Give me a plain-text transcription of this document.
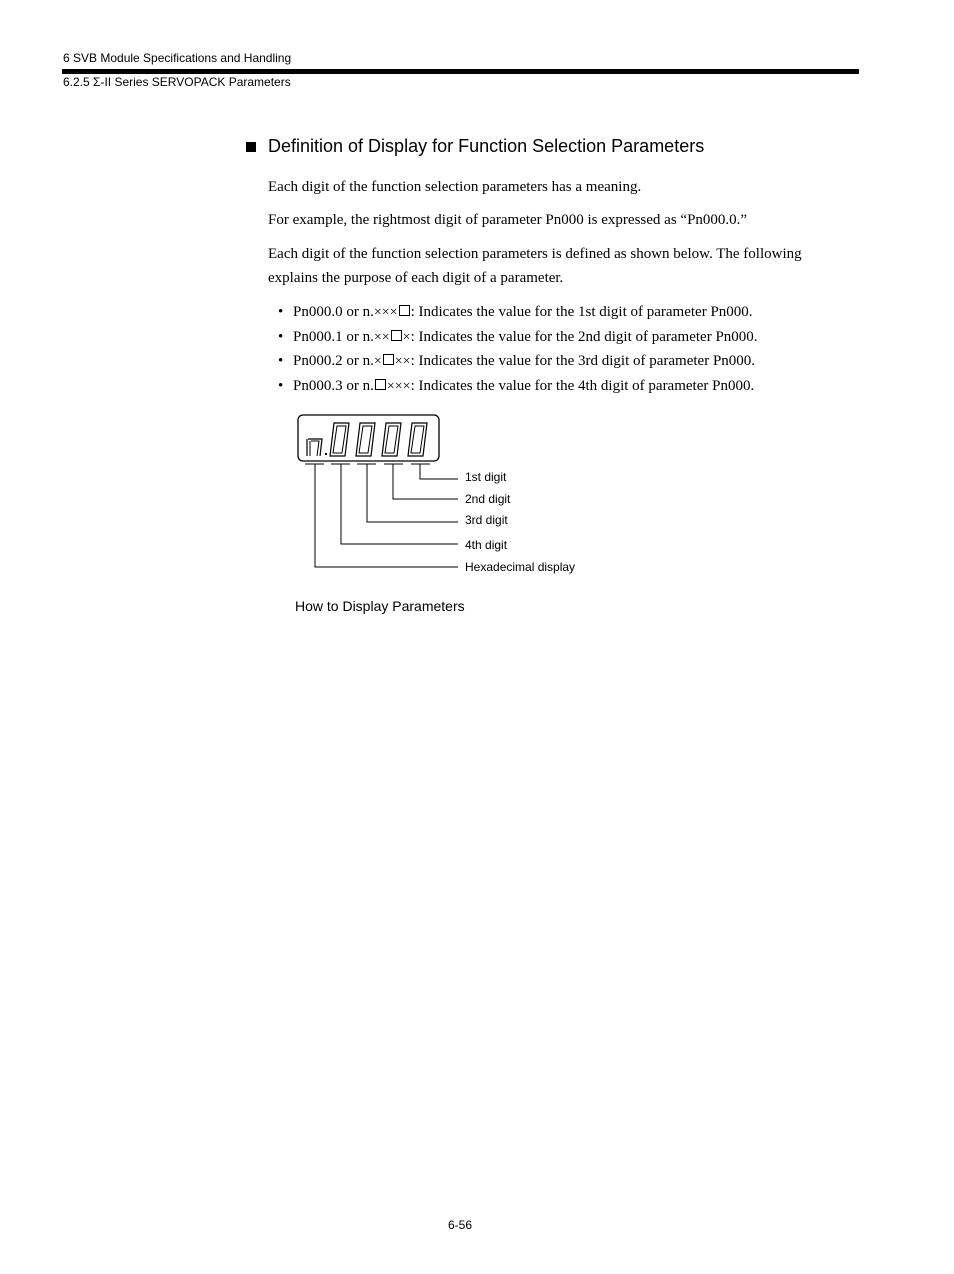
6 SVB Module Specifications and Handling
6.2.5 Σ-II Series SERVOPACK Parameters
Definition of Display for Function Selection Parameters
Each digit of the function selection parameters has a meaning.
For example, the rightmost digit of parameter Pn000 is expressed as “Pn000.0.”
Each digit of the function selection parameters is defined as shown below. The following explains the purpose of each digit of a parameter.
• Pn000.0 or n.××× : Indicates the value for the 1st digit of parameter Pn000.
• Pn000.1 or n.×× ×: Indicates the value for the 2nd digit of parameter Pn000.
• Pn000.2 or n.× ××: Indicates the value for the 3rd digit of parameter Pn000.
• Pn000.3 or n. ×××: Indicates the value for the 4th digit of parameter Pn000.
1st digit
2nd digit
3rd digit
4th digit
Hexadecimal display
How to Display Parameters
6-56
